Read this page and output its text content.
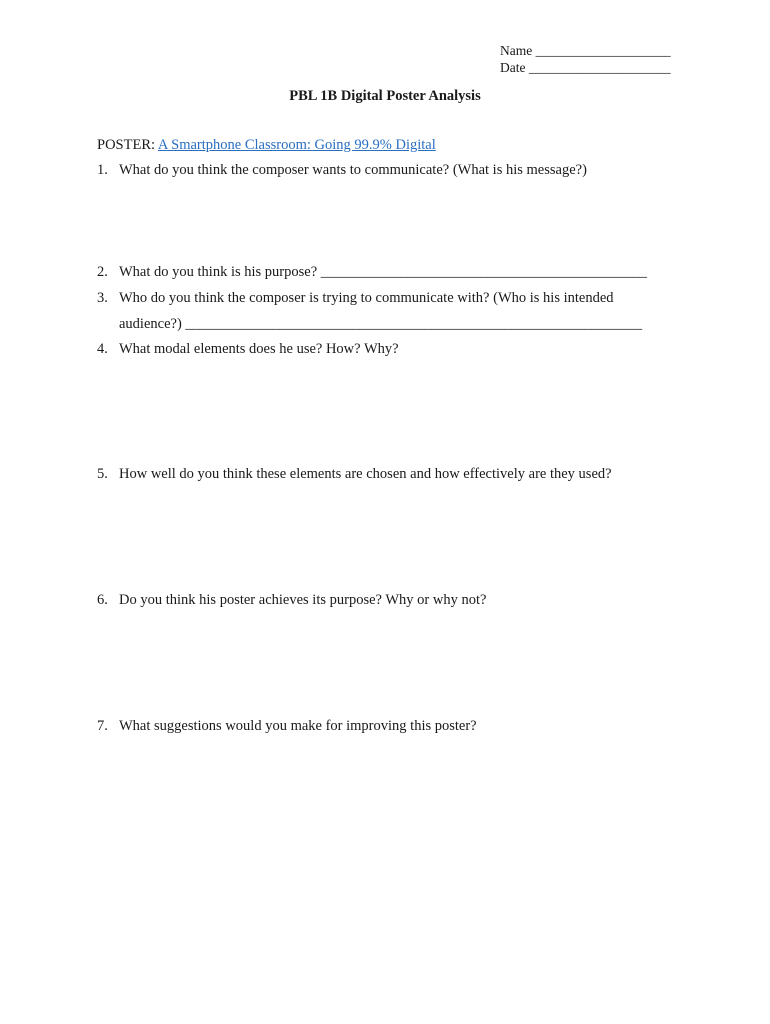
Name ____________________
Date _____________________
PBL 1B Digital Poster Analysis
POSTER: A Smartphone Classroom: Going 99.9% Digital
1. What do you think the composer wants to communicate? (What is his message?)
2. What do you think is his purpose? _____________________________________________
3. Who do you think the composer is trying to communicate with? (Who is his intended
audience?) _______________________________________________________________
4. What modal elements does he use? How? Why?
5. How well do you think these elements are chosen and how effectively are they used?
6. Do you think his poster achieves its purpose? Why or why not?
7. What suggestions would you make for improving this poster?
